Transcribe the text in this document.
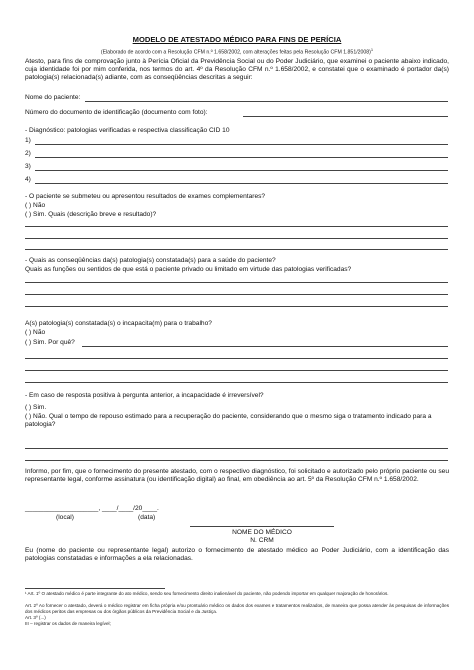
MODELO DE ATESTADO MÉDICO PARA FINS DE PERÍCIA
(Elaborado de acordo com a Resolução CFM n.º 1.658/2002, com alterações feitas pela Resolução CFM 1.851/2008)$^1$
Atesto, para fins de comprovação junto à Perícia Oficial da Previdência Social ou do Poder Judiciário, que examinei o paciente abaixo indicado, cuja identidade foi por mim conferida, nos termos do art. 4º da Resolução CFM n.º 1.658/2002, e constatei que o examinado é portador da(s) patologia(s) relacionada(s) adiante, com as conseqüências descritas a seguir:
Nome do paciente:
Número do documento de identificação (documento com foto):
- Diagnóstico: patologias verificadas e respectiva classificação CID 10
1)
2)
3)
4)
- O paciente se submeteu ou apresentou resultados de exames complementares?
( ) Não
( ) Sim. Quais (descrição breve e resultado)?
- Quais as conseqüências da(s) patologia(s) constatada(s) para a saúde do paciente?
Quais as funções ou sentidos de que está o paciente privado ou limitado em virtude das patologias verificadas?
A(s) patologia(s) constatada(s) o incapacita(m) para o trabalho?
( ) Não
( ) Sim. Por quê?
- Em caso de resposta positiva à pergunta anterior, a incapacidade é irreversível?
( ) Sim.
( ) Não. Qual o tempo de repouso estimado para a recuperação do paciente, considerando que o mesmo siga o tratamento indicado para a patologia?
Informo, por fim, que o fornecimento do presente atestado, com o respectivo diagnóstico, foi solicitado e autorizado pelo próprio paciente ou seu representante legal, conforme assinatura (ou identificação digital) ao final, em obediência ao art. 5º da Resolução CFM n.º 1.658/2002.
____________________, ____/____/20____.
(local)	(data)
NOME DO MÉDICO
N. CRM
Eu (nome do paciente ou representante legal) autorizo o fornecimento de atestado médico ao Poder Judiciário, com a identificação das patologias constatadas e informações a ela relacionadas.
¹ Art. 1º O atestado médico é parte integrante do ato médico, sendo seu fornecimento direito inalienável do paciente, não podendo importar em qualquer majoração de honorários.
Art. 2º Ao fornecer o atestado, deverá o médico registrar em ficha própria e/ou prontuário médico os dados dos exames e tratamentos realizados, de maneira que possa atender às pesquisas de informações dos médicos peritos das empresas ou dos órgãos públicos da Previdência Social e da Justiça.
Art. 3º (...)
III – registrar os dados de maneira legível;
